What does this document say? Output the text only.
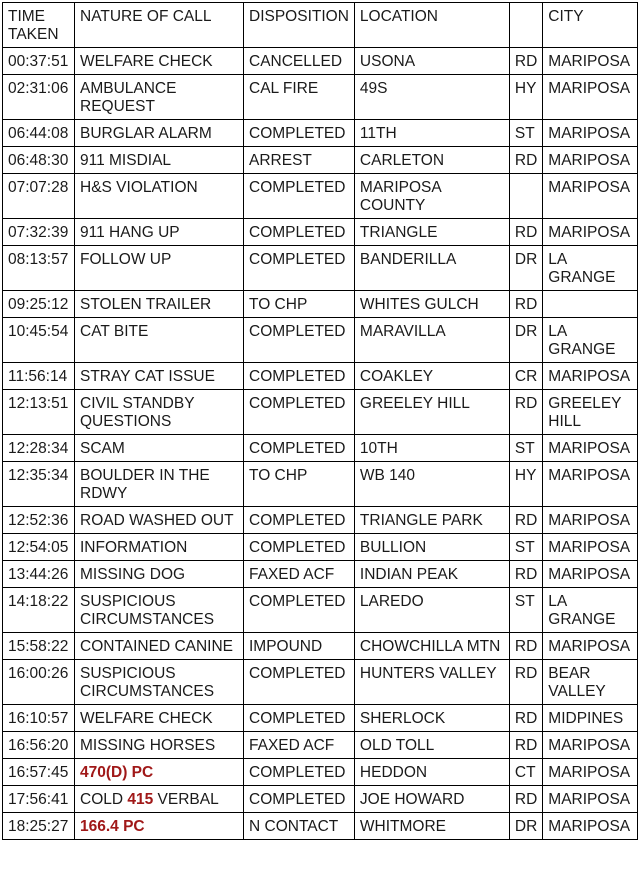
TIME TAKEN	NATURE OF CALL	DISPOSITION	LOCATION		CITY
00:37:51	WELFARE CHECK	CANCELLED	USONA	RD	MARIPOSA
02:31:06	AMBULANCE REQUEST	CAL FIRE	49S	HY	MARIPOSA
06:44:08	BURGLAR ALARM	COMPLETED	11TH	ST	MARIPOSA
06:48:30	911 MISDIAL	ARREST	CARLETON	RD	MARIPOSA
07:07:28	H&S VIOLATION	COMPLETED	MARIPOSA COUNTY		MARIPOSA
07:32:39	911 HANG UP	COMPLETED	TRIANGLE	RD	MARIPOSA
08:13:57	FOLLOW UP	COMPLETED	BANDERILLA	DR	LA GRANGE
09:25:12	STOLEN TRAILER	TO CHP	WHITES GULCH	RD	
10:45:54	CAT BITE	COMPLETED	MARAVILLA	DR	LA GRANGE
11:56:14	STRAY CAT ISSUE	COMPLETED	COAKLEY	CR	MARIPOSA
12:13:51	CIVIL STANDBY QUESTIONS	COMPLETED	GREELEY HILL	RD	GREELEY HILL
12:28:34	SCAM	COMPLETED	10TH	ST	MARIPOSA
12:35:34	BOULDER IN THE RDWY	TO CHP	WB 140	HY	MARIPOSA
12:52:36	ROAD WASHED OUT	COMPLETED	TRIANGLE PARK	RD	MARIPOSA
12:54:05	INFORMATION	COMPLETED	BULLION	ST	MARIPOSA
13:44:26	MISSING DOG	FAXED ACF	INDIAN PEAK	RD	MARIPOSA
14:18:22	SUSPICIOUS CIRCUMSTANCES	COMPLETED	LAREDO	ST	LA GRANGE
15:58:22	CONTAINED CANINE	IMPOUND	CHOWCHILLA MTN	RD	MARIPOSA
16:00:26	SUSPICIOUS CIRCUMSTANCES	COMPLETED	HUNTERS VALLEY	RD	BEAR VALLEY
16:10:57	WELFARE CHECK	COMPLETED	SHERLOCK	RD	MIDPINES
16:56:20	MISSING HORSES	FAXED ACF	OLD TOLL	RD	MARIPOSA
16:57:45	470(D) PC	COMPLETED	HEDDON	CT	MARIPOSA
17:56:41	COLD 415 VERBAL	COMPLETED	JOE HOWARD	RD	MARIPOSA
18:25:27	166.4 PC	N CONTACT	WHITMORE	DR	MARIPOSA
